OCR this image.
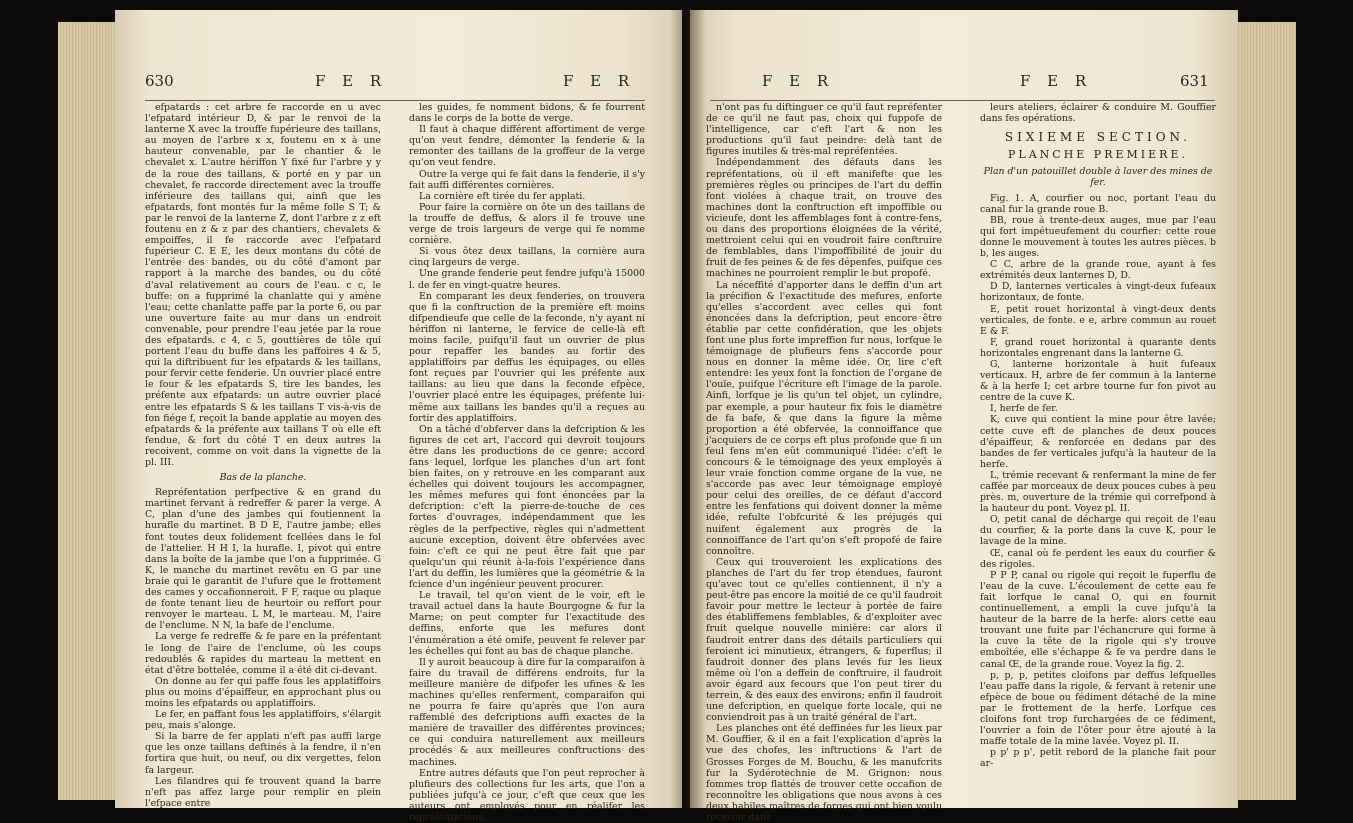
630	F E R	F E R

efpatards : cet arbre fe raccorde en u avec l'efpatard intérieur D, & par le renvoi de la lanterne X avec la trouffe fupérieure des taillans, au moyen de l'arbre x x, foutenu en x à une hauteur convenable, par le chantier & le chevalet x. L'autre hériffon Y fixé fur l'arbre y y de la roue des taillans, & porté en y par un chevalet, fe raccorde directement avec la trouffe inférieure des taillans qui, ainfi que les efpatards, font montés fur la même folle S T; & par le renvoi de la lanterne Z, dont l'arbre z z eft foutenu en z & z par des chantiers, chevalets & empoiffes, il fe raccorde avec l'efpatard fupérieur C. E E, les deux montans du côté de l'entrée des bandes, ou du côté d'amont par rapport à la marche des bandes, ou du côté d'aval relativement au cours de l'eau. c c, le buffe: on a fupprimé la chanlatte qui y amène l'eau; cette chanlatte paffe par la porte 6, ou par une ouverture faite au mur dans un endroit convenable, pour prendre l'eau jetée par la roue des efpatards. c 4, c 5, gouttières de tôle qui portent l'eau du buffe dans les paffoires 4 & 5, qui la diftribuent fur les efpatards & les taillans, pour fervir cette fenderie. Un ouvrier placé entre le four & les efpatards S, tire les bandes, les préfente aux efpatards: un autre ouvrier placé entre les efpatards S & les taillans T vis-à-vis de fon fiége f, reçoit la bande applatie au moyen des efpatards & la préfente aux taillans T où elle eft fendue, & fort du côté T en deux autres la recoivent, comme on voit dans la vignette de la pl. III.

Bas de la planche.

Repréfentation perfpective & en grand du martinet fervant à redreffer & parer la verge. A C, plan d'une des jambes qui foutiennent la hurafle du martinet. B D E, l'autre jambe; elles font toutes deux folidement fcellées dans le fol de l'attelier. H H I, la hurafle. I, pivot qui entre dans la boîte de la jambe que l'on a fupprimée. G K, le manche du martinet revêtu en G par une braie qui le garantit de l'ufure que le frottement des cames y occafionneroit. F F, raque ou plaque de fonte tenant lieu de heurtoir ou reffort pour renvoyer le marteau. L M, le marteau. M, l'aire de l'enclume. N N, la bafe de l'enclume.

La verge fe redreffe & fe pare en la préfentant le long de l'aire de l'enclume, où les coups redoublés & rapides du marteau la mettent en état d'être bottelée, comme il a été dit ci-devant.

On donne au fer qui paffe fous les applatiffoirs plus ou moins d'épaiffeur, en approchant plus ou moins les efpatards ou applatiffoirs.

Le fer, en paffant fous les applatiffoirs, s'élargit peu, mais s'alonge.

Si la barre de fer applati n'eft pas auffi large que les onze taillans deftinés à la fendre, il n'en fortira que huit, ou neuf, ou dix vergettes, felon fa largeur.

Les filandres qui fe trouvent quand la barre n'eft pas affez large pour remplir en plein l'efpace entre

les guides, fe nomment bidons, & fe fourrent dans le corps de la botte de verge.

Il faut à chaque différent affortiment de verge qu'on veut fendre, démonter la fenderie & la remonter des taillans de la groffeur de la verge qu'on veut fendre.

Outre la verge qui fe fait dans la fenderie, il s'y fait auffi différentes cornières.

La cornière eft tirée du fer applati.

Pour faire la cornière on ôte un des taillans de la trouffe de deffus, & alors il fe trouve une verge de trois largeurs de verge qui fe nomme cornière.

Si vous ôtez deux taillans, la cornière aura cinq largeurs de verge.

Une grande fenderie peut fendre jufqu'à 15000 l. de fer en vingt-quatre heures.

En comparant les deux fenderies, on trouvera que fi la conftruction de la première eft moins difpendieufe que celle de la feconde, n'y ayant ni hériffon ni lanterne, le fervice de celle-là eft moins facile, puifqu'il faut un ouvrier de plus pour repaffer les bandes au fortir des applatiffoirs par deffus les équipages, ou elles font reçues par l'ouvrier qui les préfente aux taillans: au lieu que dans la feconde efpèce, l'ouvrier placé entre les équipages, préfente lui-même aux taillans les bandes qu'il a reçues au fortir des applatiffoirs.

On a tâché d'obferver dans la defcription & les figures de cet art, l'accord qui devroit toujours être dans les productions de ce genre: accord fans lequel, lorfque les planches d'un art font bien faites, on y retrouve en les comparant aux échelles qui doivent toujours les accompagner, les mêmes mefures qui font énoncées par la defcription: c'eft la pierre-de-touche de ces fortes d'ouvrages, indépendamment que les règles de la perfpective, règles qui n'admettent aucune exception, doivent être obfervées avec foin: c'eft ce qui ne peut être fait que par quelqu'un qui réunit à-la-fois l'expérience dans l'art du deffin, les lumières que la géométrie & la fcience d'un ingénieur peuvent procurer.

Le travail, tel qu'on vient de le voir, eft le travail actuel dans la haute Bourgogne & fur la Marne; on peut compter fur l'exactitude des deffins, enforte que les mefures dont l'énumération a été omife, peuvent fe relever par les échelles qui font au bas de chaque planche.

Il y auroit beaucoup à dire fur la comparaifon à faire du travail de différens endroits, fur la meilleure manière de difpofer les ufines & les machines qu'elles renferment, comparaifon qui ne pourra fe faire qu'après que l'on aura raffemblé des defcriptions auffi exactes de la manière de travailler des différentes provinces; ce qui conduira naturellement aux meilleurs procédés & aux meilleures conftructions des machines.

Entre autres défauts que l'on peut reprocher à plufieurs des collections fur les arts, que l'on a publiées jufqu'à ce jour, c'eft que ceux que les auteurs ont employés pour en réalifer les repréfentations,

F E R	F E R	631

n'ont pas fu diftinguer ce qu'il faut repréfenter de ce qu'il ne faut pas, choix qui fuppofe de l'intelligence, car c'eft l'art & non les productions qu'il faut peindre: delà tant de figures inutiles & très-mal repréfentées.

Indépendamment des défauts dans les repréfentations, où il eft manifefte que les premières règles ou principes de l'art du deffin font violées à chaque trait, on trouve des machines dont la conftruction eft impoffible ou vicieufe, dont les affemblages font à contre-fens, ou dans des proportions éloignées de la vérité, mettroient celui qui en voudroit faire conftruire de femblables, dans l'impoffibilité de jouir du fruit de fes peines & de fes dépenfes, puifque ces machines ne pourroient remplir le but propofé.

La néceffité d'apporter dans le deffin d'un art la précifion & l'exactitude des mefures, enforte qu'elles s'accordent avec celles qui font énoncées dans la defcription, peut encore être établie par cette confidération, que les objets font une plus forte impreffion fur nous, lorfque le témoignage de plufieurs fens s'accorde pour nous en donner la même idée. Or, lire c'eft entendre: les yeux font la fonction de l'organe de l'ouïe, puifque l'écriture eft l'image de la parole. Ainfi, lorfque je lis qu'un tel objet, un cylindre, par exemple, a pour hauteur fix fois le diamètre de fa bafe, & que dans la figure la même proportion a été obfervée, la connoiffance que j'acquiers de ce corps eft plus profonde que fi un feul fens m'en eût communiqué l'idée: c'eft le concours & le témoignage des yeux employés à leur vraie fonction comme organe de la vue, ne s'accorde pas avec leur témoignage employé pour celui des oreilles, de ce défaut d'accord entre les fenfations qui doivent donner la même idée, refulte l'obfcurité & les préjugés qui nuifent également aux progrès de la connoiffance de l'art qu'on s'eft propofé de faire connoître.

Ceux qui trouveroient les explications des planches de l'art du fer trop étendues, fauront qu'avec tout ce qu'elles contiennent, il n'y a peut-être pas encore la moitié de ce qu'il faudroit favoir pour mettre le lecteur à portée de faire des établiffemens femblables, & d'exploiter avec fruit quelque nouvelle minière: car alors il faudroit entrer dans des détails particuliers qui feroient ici minutieux, étrangers, & fuperflus; il faudroit donner des plans levés fur les lieux même où l'on a deffein de conftruire, il faudroit avoir égard aux fecours que l'on peut tirer du terrein, & des eaux des environs; enfin il faudroit une defcription, en quelque forte locale, qui ne conviendroit pas à un traité général de l'art.

Les planches ont été deffinées fur les lieux par M. Gouffier, & il en a fait l'explication d'après la vue des chofes, les inftructions & l'art de Grosses Forges de M. Bouchu, & les manufcrits fur la Sydérotechnie de M. Grignon: nous fommes trop flattés de trouver cette occafion de reconnoître les obligations que nous avons à ces deux habiles maîtres de forges qui ont bien voulu recevoir dans

leurs ateliers, éclairer & conduire M. Gouffier dans fes opérations.

SIXIEME SECTION.
PLANCHE PREMIERE.

Plan d'un patouillet double à laver des mines de fer.

Fig. 1. A, courfier ou noc, portant l'eau du canal fur la grande roue B.

BB, roue à trente-deux auges, mue par l'eau qui fort impétueufement du courfier: cette roue donne le mouvement à toutes les autres pièces. b b, les auges.

C C, arbre de la grande roue, ayant à fes extrémités deux lanternes D, D.

D D, lanternes verticales à vingt-deux fufeaux horizontaux, de fonte.

E, petit rouet horizontal à vingt-deux dents verticales, de fonte. e e, arbre commun au rouet E & F.

F, grand rouet horizontal à quarante dents horizontales engrenant dans la lanterne G.

G, lanterne horizontale à huit fufeaux verticaux. H, arbre de fer commun à la lanterne & à la herfe I; cet arbre tourne fur fon pivot au centre de la cuve K.

I, herfe de fer.

K, cuve qui contient la mine pour être lavée; cette cuve eft de planches de deux pouces d'épaiffeur, & renforcée en dedans par des bandes de fer verticales jufqu'à la hauteur de la herfe.

L, trémie recevant & renfermant la mine de fer caffée par morceaux de deux pouces cubes à peu près. m, ouverture de la trémie qui correfpond à la hauteur du pont. Voyez pl. II.

O, petit canal de décharge qui reçoit de l'eau du courfier, & la porte dans la cuve K, pour le lavage de la mine.

Œ, canal où fe perdent les eaux du courfier & des rigoles.

P P P, canal ou rigole qui reçoit le fuperflu de l'eau de la cuve. L'écoulement de cette eau fe fait lorfque le canal O, qui en fournit continuellement, a empli la cuve jufqu'à la hauteur de la barre de la herfe: alors cette eau trouvant une fuite par l'échancrure qui forme à la cuve la tête de la rigole qui s'y trouve emboîtée, elle s'échappe & fe va perdre dans le canal Œ, de la grande roue. Voyez la fig. 2.

p, p, p, petites cloifons par deffus lefquelles l'eau paffe dans la rigole, & fervant à retenir une efpèce de boue ou fédiment détaché de la mine par le frottement de la herfe. Lorfque ces cloifons font trop furchargées de ce fédiment, l'ouvrier a foin de l'ôter pour être ajouté à la maffe totale de la mine lavée. Voyez pl. II.

p p' p p', petit rebord de la planche fait pour ar-
